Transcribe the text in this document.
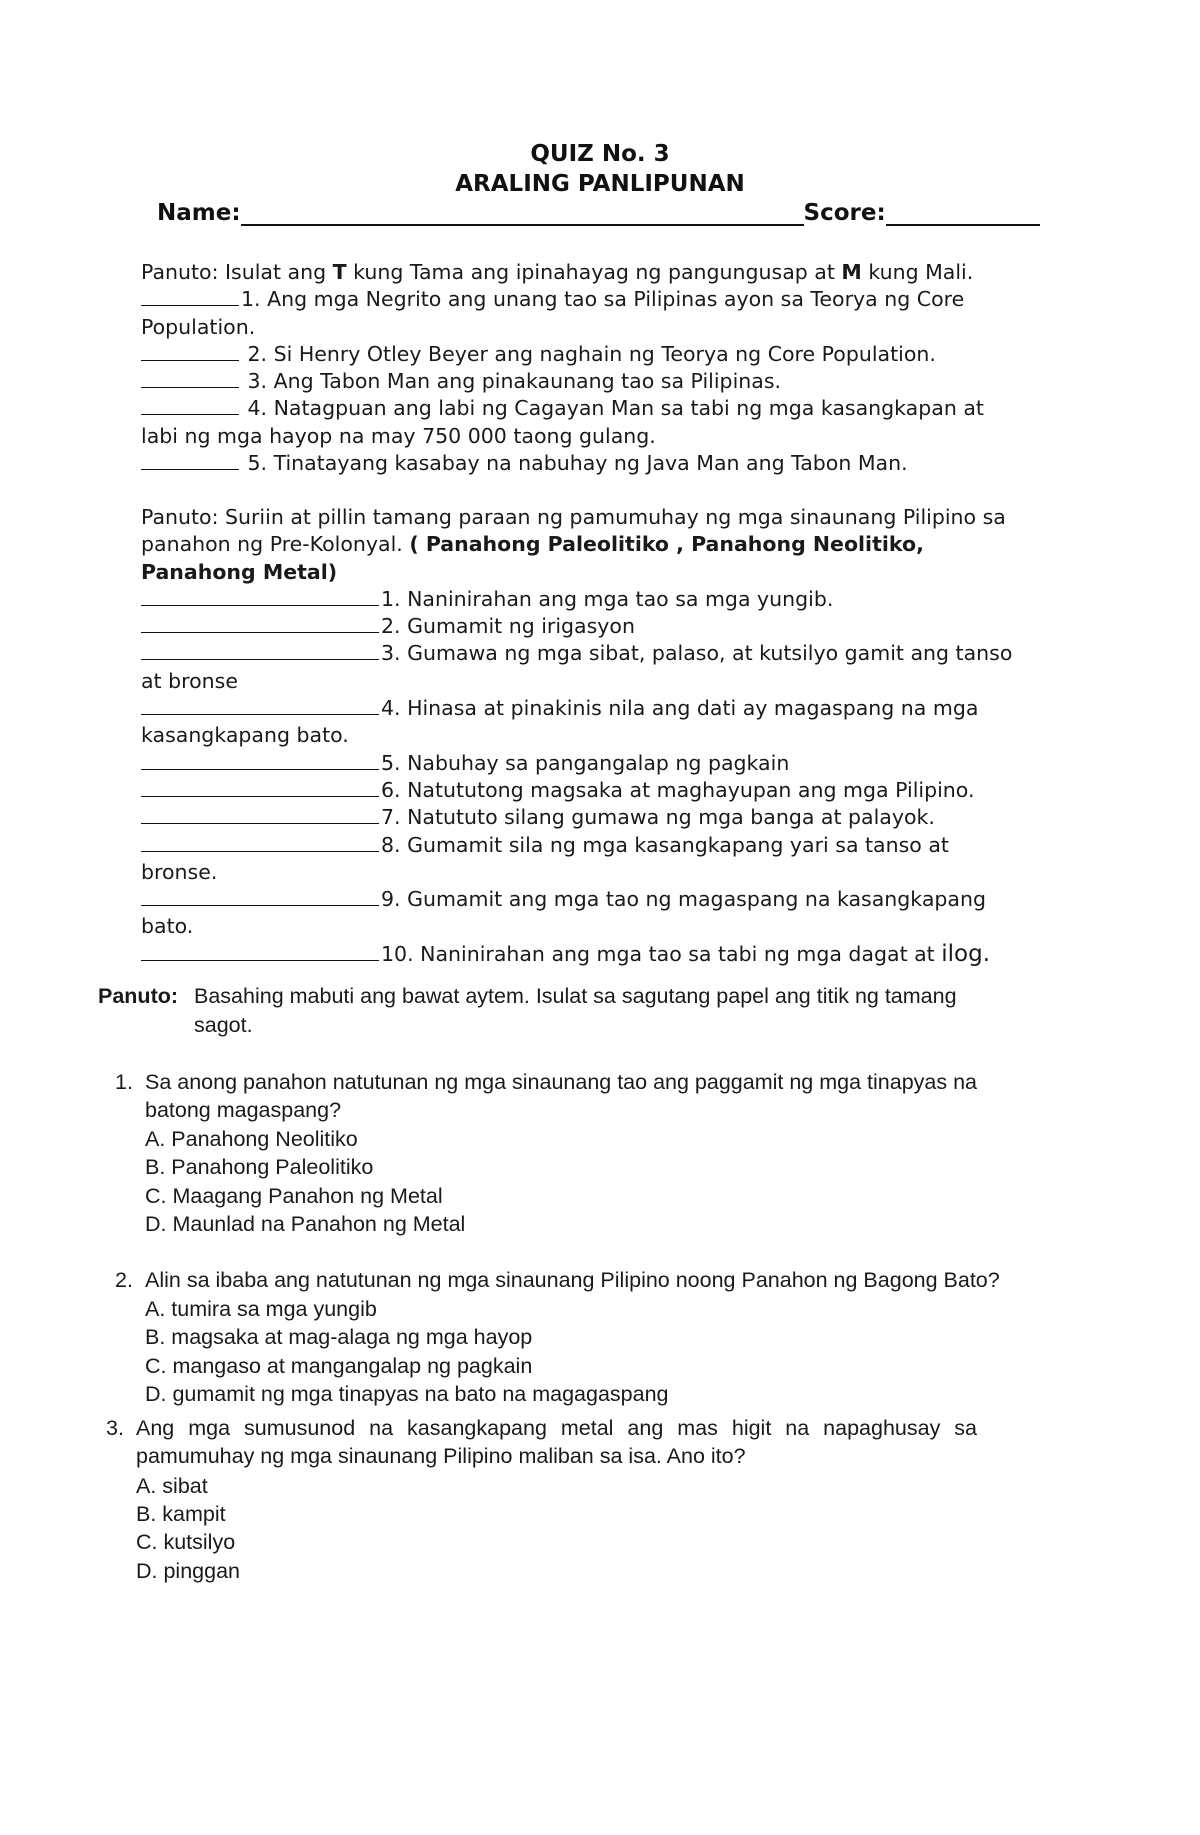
QUIZ No. 3
ARALING PANLIPUNAN
Name:	Score:
Panuto: Isulat ang T kung Tama ang ipinahayag ng pangungusap at M kung Mali.
1. Ang mga Negrito ang unang tao sa Pilipinas ayon sa Teorya ng Core
Population.
2. Si Henry Otley Beyer ang naghain ng Teorya ng Core Population.
3. Ang Tabon Man ang pinakaunang tao sa Pilipinas.
4. Natagpuan ang labi ng Cagayan Man sa tabi ng mga kasangkapan at
labi ng mga hayop na may 750 000 taong gulang.
5. Tinatayang kasabay na nabuhay ng Java Man ang Tabon Man.
Panuto: Suriin at pillin tamang paraan ng pamumuhay ng mga sinaunang Pilipino sa
panahon ng Pre-Kolonyal. ( Panahong Paleolitiko , Panahong Neolitiko,
Panahong Metal)
1. Naninirahan ang mga tao sa mga yungib.
2. Gumamit ng irigasyon
3. Gumawa ng mga sibat, palaso, at kutsilyo gamit ang tanso
at bronse
4. Hinasa at pinakinis nila ang dati ay magaspang na mga
kasangkapang bato.
5. Nabuhay sa pangangalap ng pagkain
6. Natututong magsaka at maghayupan ang mga Pilipino.
7. Natututo silang gumawa ng mga banga at palayok.
8. Gumamit sila ng mga kasangkapang yari sa tanso at
bronse.
9. Gumamit ang mga tao ng magaspang na kasangkapang
bato.
10. Naninirahan ang mga tao sa tabi ng mga dagat at ilog.
Panuto: Basahing mabuti ang bawat aytem. Isulat sa sagutang papel ang titik ng tamang
sagot.
1. Sa anong panahon natutunan ng mga sinaunang tao ang paggamit ng mga tinapyas na
batong magaspang?
A. Panahong Neolitiko
B. Panahong Paleolitiko
C. Maagang Panahon ng Metal
D. Maunlad na Panahon ng Metal
2. Alin sa ibaba ang natutunan ng mga sinaunang Pilipino noong Panahon ng Bagong Bato?
A. tumira sa mga yungib
B. magsaka at mag-alaga ng mga hayop
C. mangaso at mangangalap ng pagkain
D. gumamit ng mga tinapyas na bato na magagaspang
3. Ang mga sumusunod na kasangkapang metal ang mas higit na napaghusay sa
pamumuhay ng mga sinaunang Pilipino maliban sa isa. Ano ito?
A. sibat
B. kampit
C. kutsilyo
D. pinggan
